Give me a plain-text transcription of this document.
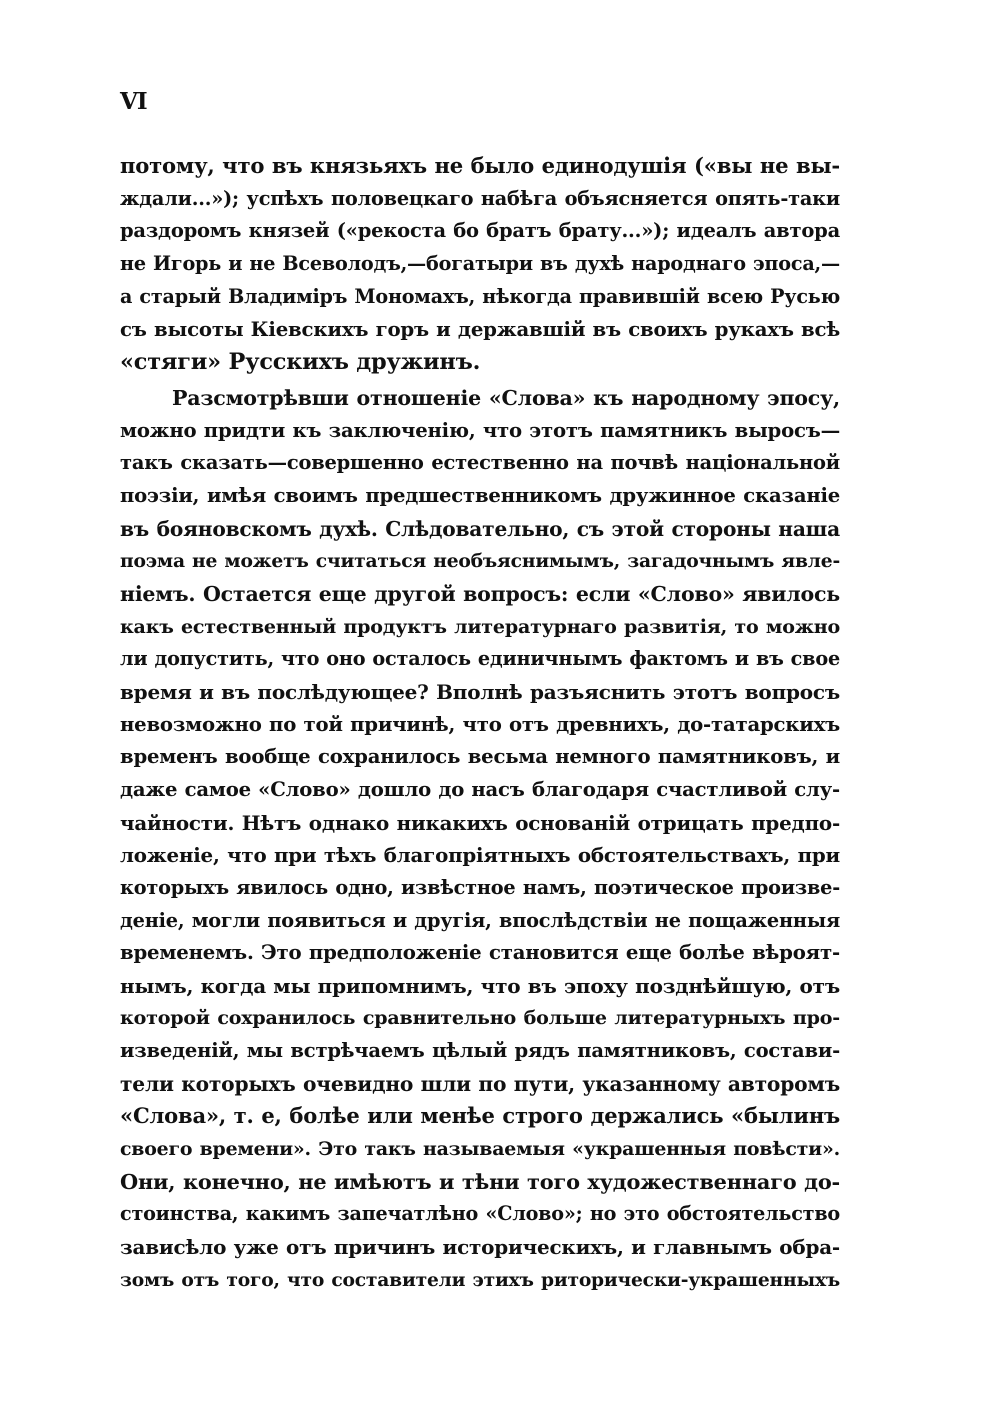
VI
потому, что въ князьяхъ не было единодушія («вы не вы-
ждали...»); успѣхъ половецкаго набѣга объясняется опять-таки
раздоромъ князей («рекоста бо братъ брату...»); идеалъ автора
не Игорь и не Всеволодъ,—богатыри въ духѣ народнаго эпоса,—
а старый Владиміръ Мономахъ, нѣкогда правившій всею Русью
съ высоты Кіевскихъ горъ и державшій въ своихъ рукахъ всѣ
«стяги» Русскихъ дружинъ.
Разсмотрѣвши отношеніе «Слова» къ народному эпосу,
можно придти къ заключенію, что этотъ памятникъ выросъ—
такъ сказать—совершенно естественно на почвѣ національной
поэзіи, имѣя своимъ предшественникомъ дружинное сказаніе
въ бояновскомъ духѣ. Слѣдовательно, съ этой стороны наша
поэма не можетъ считаться необъяснимымъ, загадочнымъ явле-
ніемъ. Остается еще другой вопросъ: если «Слово» явилось
какъ естественный продуктъ литературнаго развитія, то можно
ли допустить, что оно осталось единичнымъ фактомъ и въ свое
время и въ послѣдующее? Вполнѣ разъяснить этотъ вопросъ
невозможно по той причинѣ, что отъ древнихъ, до-татарскихъ
временъ вообще сохранилось весьма немного памятниковъ, и
даже самое «Слово» дошло до насъ благодаря счастливой слу-
чайности. Нѣтъ однако никакихъ основаній отрицать предпо-
ложеніе, что при тѣхъ благопріятныхъ обстоятельствахъ, при
которыхъ явилось одно, извѣстное намъ, поэтическое произве-
деніе, могли появиться и другія, впослѣдствіи не пощаженныя
временемъ. Это предположеніе становится еще болѣе вѣроят-
нымъ, когда мы припомнимъ, что въ эпоху позднѣйшую, отъ
которой сохранилось сравнительно больше литературныхъ про-
изведеній, мы встрѣчаемъ цѣлый рядъ памятниковъ, состави-
тели которыхъ очевидно шли по пути, указанному авторомъ
«Слова», т. е, болѣе или менѣе строго держались «былинъ
своего времени». Это такъ называемыя «украшенныя повѣсти».
Они, конечно, не имѣютъ и тѣни того художественнаго до-
стоинства, какимъ запечатлѣно «Слово»; но это обстоятельство
зависѣло уже отъ причинъ историческихъ, и главнымъ обра-
зомъ отъ того, что составители этихъ риторически-украшенныхъ
